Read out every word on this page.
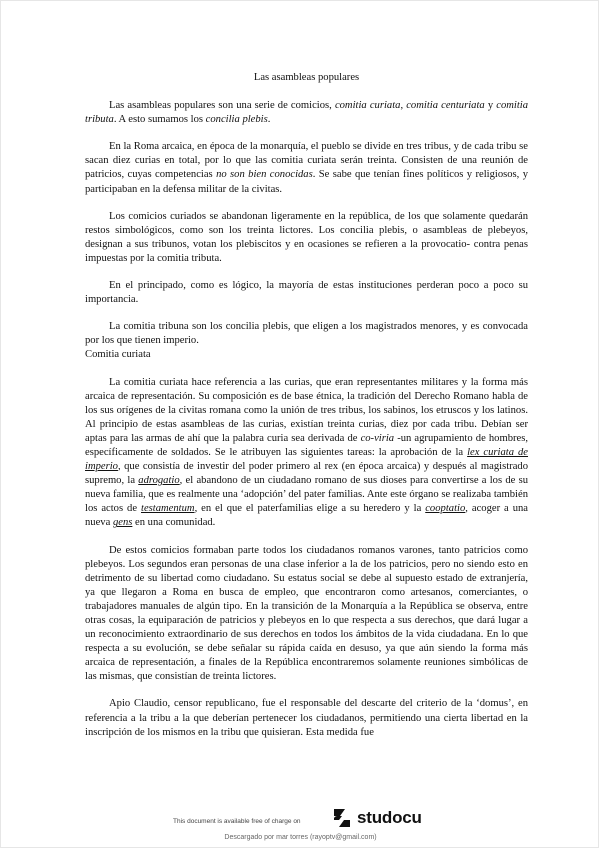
Las asambleas populares

Las asambleas populares son una serie de comicios, comitia curiata, comitia centuriata y comitia tributa. A esto sumamos los concilia plebis.

En la Roma arcaica, en época de la monarquía, el pueblo se divide en tres tribus, y de cada tribu se sacan diez curias en total, por lo que las comitia curiata serán treinta. Consisten de una reunión de patricios, cuyas competencias no son bien conocidas. Se sabe que tenían fines políticos y religiosos, y participaban en la defensa militar de la civitas.

Los comicios curiados se abandonan ligeramente en la república, de los que solamente quedarán restos simbológicos, como son los treinta lictores. Los concilia plebis, o asambleas de plebeyos, designan a sus tribunos, votan los plebiscitos y en ocasiones se refieren a la provocatio- contra penas impuestas por la comitia tributa.

En el principado, como es lógico, la mayoría de estas instituciones perderan poco a poco su importancia.

La comitia tribuna son los concilia plebis, que eligen a los magistrados menores, y es convocada por los que tienen imperio.

Comitia curiata

La comitia curiata hace referencia a las curias, que eran representantes militares y la forma más arcaica de representación. Su composición es de base étnica, la tradición del Derecho Romano habla de los sus orígenes de la civitas romana como la unión de tres tribus, los sabinos, los etruscos y los latinos. Al principio de estas asambleas de las curias, existían treinta curias, diez por cada tribu. Debían ser aptas para las armas de ahí que la palabra curia sea derivada de co-viria -un agrupamiento de hombres, específicamente de soldados. Se le atribuyen las siguientes tareas: la aprobación de la lex curiata de imperio, que consistía de investir del poder primero al rex (en época arcaica) y después al magistrado supremo, la adrogatio, el abandono de un ciudadano romano de sus dioses para convertirse a los de su nueva familia, que es realmente una ‘adopción’ del pater familias. Ante este órgano se realizaba también los actos de testamentum, en el que el paterfamilias elige a su heredero y la cooptatio, acoger a una nueva gens en una comunidad.

De estos comicios formaban parte todos los ciudadanos romanos varones, tanto patricios como plebeyos. Los segundos eran personas de una clase inferior a la de los patricios, pero no siendo esto en detrimento de su libertad como ciudadano. Su estatus social se debe al supuesto estado de extranjería, ya que llegaron a Roma en busca de empleo, que encontraron como artesanos, comerciantes, o trabajadores manuales de algún tipo. En la transición de la Monarquía a la República se observa, entre otras cosas, la equiparación de patricios y plebeyos en lo que respecta a sus derechos, que dará lugar a un reconocimiento extraordinario de sus derechos en todos los ámbitos de la vida ciudadana. En lo que respecta a su evolución, se debe señalar su rápida caída en desuso, ya que aún siendo la forma más arcaica de representación, a finales de la República encontraremos solamente reuniones simbólicas de las mismas, que consistían de treinta lictores.

Apio Claudio, censor republicano, fue el responsable del descarte del criterio de la ‘domus’, en referencia a la tribu a la que deberían pertenecer los ciudadanos, permitiendo una cierta libertad en la inscripción de los mismos en la tribu que quisieran. Esta medida fue

This document is available free of charge on	studocu
Descargado por mar torres (rayoptv@gmail.com)
